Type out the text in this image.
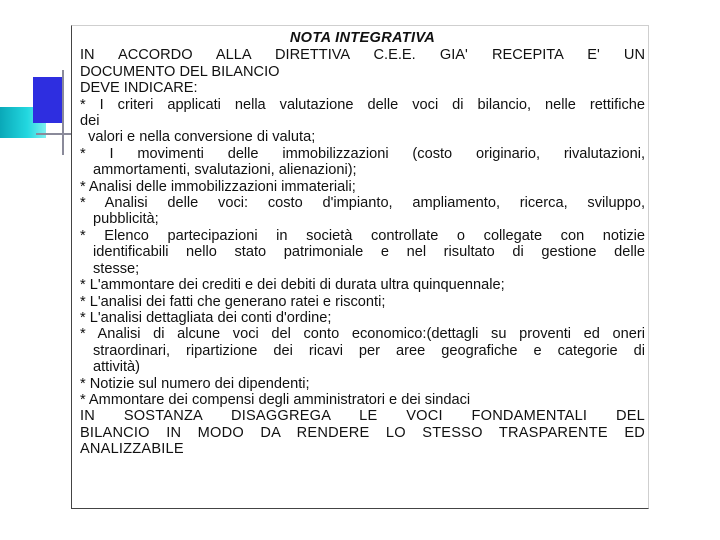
NOTA INTEGRATIVA
IN ACCORDO ALLA DIRETTIVA C.E.E. GIA' RECEPITA E' UN
DOCUMENTO DEL BILANCIO
DEVE INDICARE:
* I criteri applicati nella valutazione delle voci di bilancio, nelle rettifiche
dei
valori e nella conversione di valuta;
* I movimenti delle immobilizzazioni (costo originario, rivalutazioni,
ammortamenti, svalutazioni, alienazioni);
* Analisi delle immobilizzazioni immateriali;
* Analisi delle voci: costo d'impianto, ampliamento, ricerca, sviluppo,
pubblicità;
* Elenco partecipazioni in società controllate o collegate con notizie
identificabili nello stato patrimoniale e nel risultato di gestione delle
stesse;
* L'ammontare dei crediti e dei debiti di durata ultra quinquennale;
* L'analisi dei fatti che generano ratei e risconti;
* L'analisi dettagliata dei conti d'ordine;
* Analisi di alcune voci del conto economico:(dettagli su proventi ed oneri
straordinari, ripartizione dei ricavi per aree geografiche e categorie di
attività)
* Notizie sul numero dei dipendenti;
* Ammontare dei compensi degli amministratori e dei sindaci
IN SOSTANZA DISAGGREGA LE VOCI FONDAMENTALI DEL
BILANCIO IN MODO DA RENDERE LO STESSO TRASPARENTE ED
ANALIZZABILE
